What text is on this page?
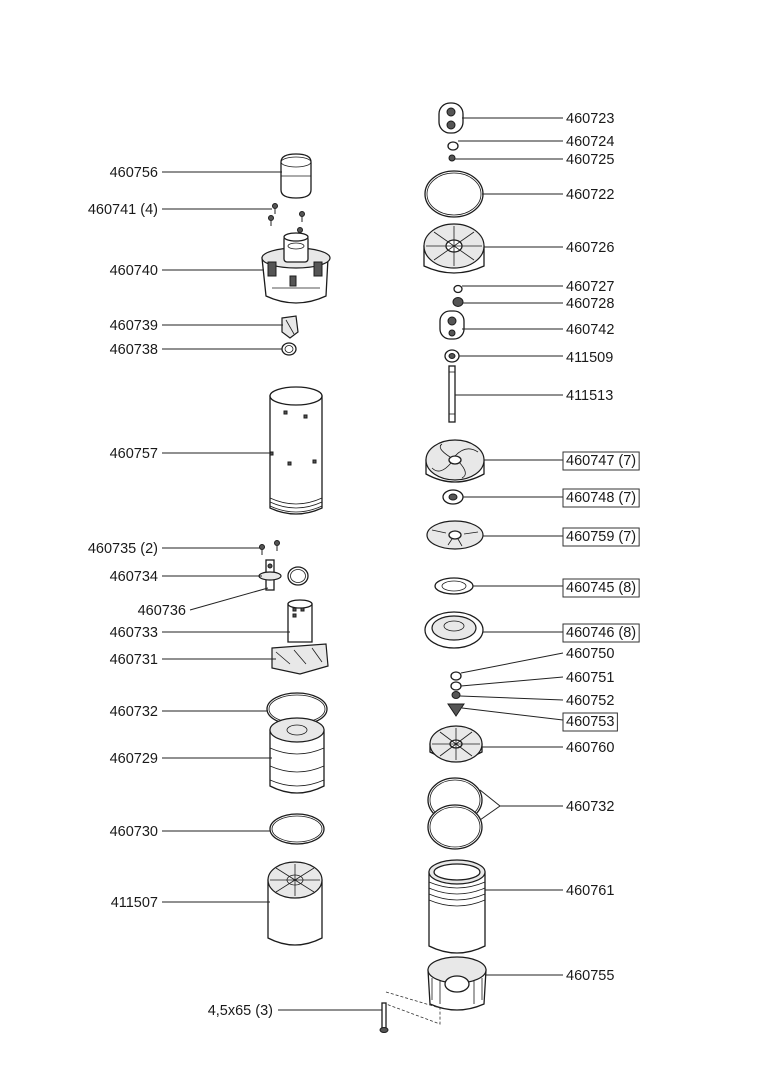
460756
460741 (4)
460740
460739
460738
460757
460735 (2)
460734
460736
460733
460731
460732
460729
460730
411507
4,5x65 (3)
460723
460724
460725
460722
460726
460727
460728
460742
411509
411513
460747 (7)
460748 (7)
460759 (7)
460745 (8)
460746 (8)
460750
460751
460752
460753
460760
460732
460761
460755
